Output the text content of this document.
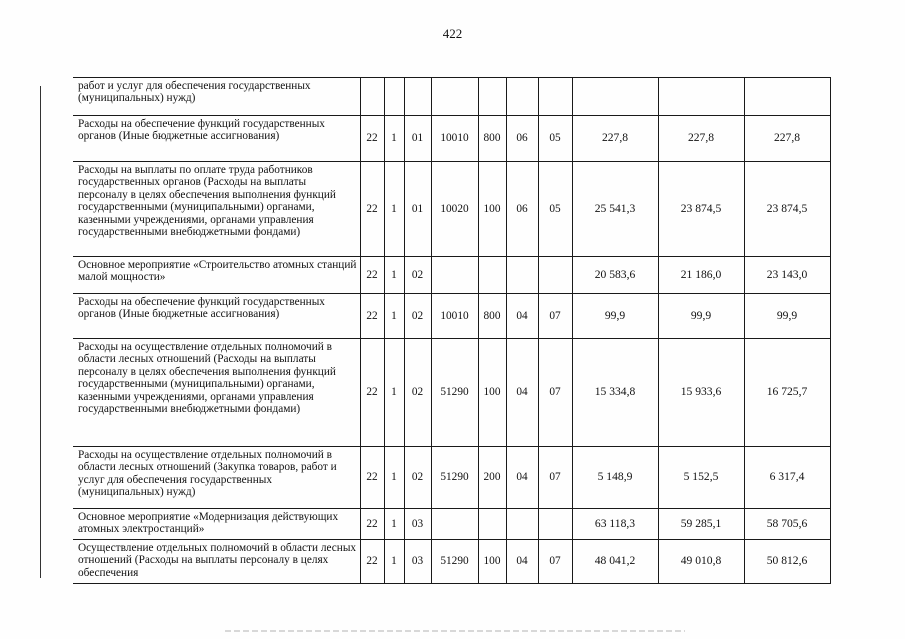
422
работ и услуг для обеспечения государственных (муниципальных) нужд)										
Расходы на обеспечение функций государственных органов (Иные бюджетные ассигнования)	22	1	01	10010	800	06	05	227,8	227,8	227,8
Расходы на выплаты по оплате труда работников государственных органов (Расходы на выплаты персоналу в целях обеспечения выполнения функций государственными (муниципальными) органами, казенными учреждениями, органами управления государственными внебюджетными фондами)	22	1	01	10020	100	06	05	25 541,3	23 874,5	23 874,5
Основное мероприятие «Строительство атомных станций малой мощности»	22	1	02					20 583,6	21 186,0	23 143,0
Расходы на обеспечение функций государственных органов (Иные бюджетные ассигнования)	22	1	02	10010	800	04	07	99,9	99,9	99,9
Расходы на осуществление отдельных полномочий в области лесных отношений (Расходы на выплаты персоналу в целях обеспечения выполнения функций государственными (муниципальными) органами, казенными учреждениями, органами управления государственными внебюджетными фондами)	22	1	02	51290	100	04	07	15 334,8	15 933,6	16 725,7
Расходы на осуществление отдельных полномочий в области лесных отношений (Закупка товаров, работ и услуг для обеспечения государственных (муниципальных) нужд)	22	1	02	51290	200	04	07	5 148,9	5 152,5	6 317,4
Основное мероприятие «Модернизация действующих атомных электростанций»	22	1	03					63 118,3	59 285,1	58 705,6
Осуществление отдельных полномочий в области лесных отношений (Расходы на выплаты персоналу в целях обеспечения	22	1	03	51290	100	04	07	48 041,2	49 010,8	50 812,6
